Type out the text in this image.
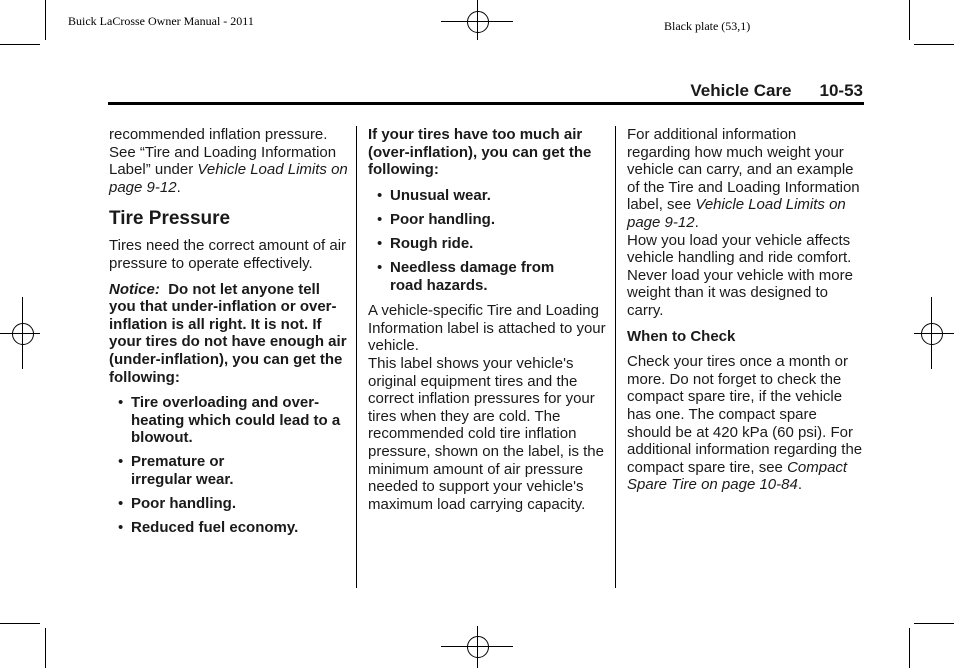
Buick LaCrosse Owner Manual - 2011	Black plate (53,1)
Vehicle Care 10-53

recommended inflation pressure. See “Tire and Loading Information Label” under Vehicle Load Limits on page 9-12.

Tire Pressure

Tires need the correct amount of air pressure to operate effectively.

Notice: Do not let anyone tell you that under-inflation or over-inflation is all right. It is not. If your tires do not have enough air (under-inflation), you can get the following:

• Tire overloading and over-heating which could lead to a blowout.
• Premature or irregular wear.
• Poor handling.
• Reduced fuel economy.

If your tires have too much air (over-inflation), you can get the following:

• Unusual wear.
• Poor handling.
• Rough ride.
• Needless damage from road hazards.

A vehicle-specific Tire and Loading Information label is attached to your vehicle.

This label shows your vehicle's original equipment tires and the correct inflation pressures for your tires when they are cold. The recommended cold tire inflation pressure, shown on the label, is the minimum amount of air pressure needed to support your vehicle's maximum load carrying capacity.

For additional information regarding how much weight your vehicle can carry, and an example of the Tire and Loading Information label, see Vehicle Load Limits on page 9-12.

How you load your vehicle affects vehicle handling and ride comfort. Never load your vehicle with more weight than it was designed to carry.

When to Check

Check your tires once a month or more. Do not forget to check the compact spare tire, if the vehicle has one. The compact spare should be at 420 kPa (60 psi). For additional information regarding the compact spare tire, see Compact Spare Tire on page 10-84.
